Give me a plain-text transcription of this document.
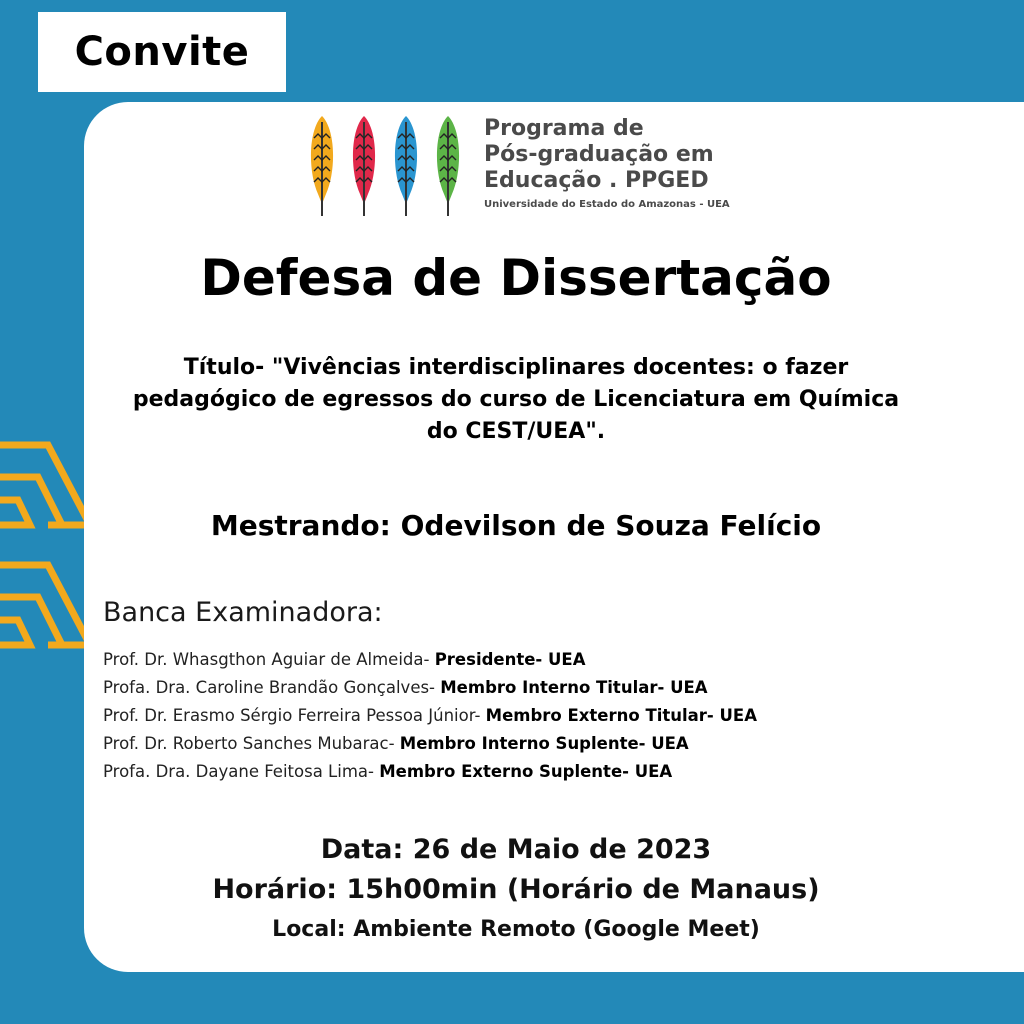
Convite
Programa de
Pós-graduação em
Educação . PPGED
Universidade do Estado do Amazonas - UEA
Defesa de Dissertação
Título- "Vivências interdisciplinares docentes: o fazer pedagógico de egressos do curso de Licenciatura em Química do CEST/UEA".
Mestrando: Odevilson de Souza Felício
Banca Examinadora:
Prof. Dr. Whasgthon Aguiar de Almeida- Presidente- UEA
Profa. Dra. Caroline Brandão Gonçalves- Membro Interno Titular- UEA
Prof. Dr. Erasmo Sérgio Ferreira Pessoa Júnior- Membro Externo Titular- UEA
Prof. Dr. Roberto Sanches Mubarac- Membro Interno Suplente- UEA
Profa. Dra. Dayane Feitosa Lima- Membro Externo Suplente- UEA
Data: 26 de Maio de 2023
Horário: 15h00min (Horário de Manaus)
Local: Ambiente Remoto (Google Meet)
